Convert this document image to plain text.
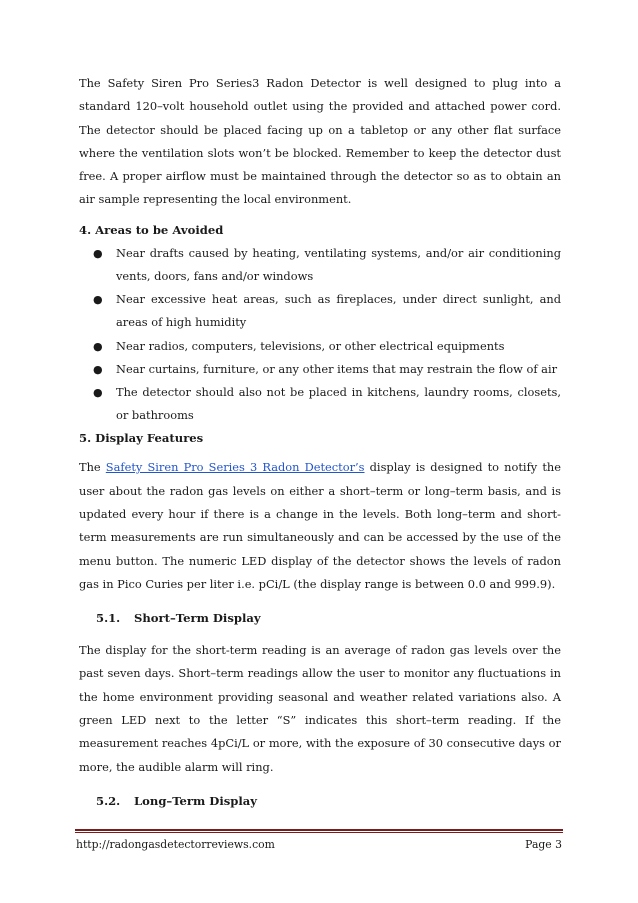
The Safety Siren Pro Series3 Radon Detector is well designed to plug into a standard 120–volt household outlet using the provided and attached power cord. The detector should be placed facing up on a tabletop or any other flat surface where the ventilation slots won’t be blocked. Remember to keep the detector dust free. A proper airflow must be maintained through the detector so as to obtain an air sample representing the local environment.

4. Areas to be Avoided
● Near drafts caused by heating, ventilating systems, and/or air conditioning vents, doors, fans and/or windows
● Near excessive heat areas, such as fireplaces, under direct sunlight, and areas of high humidity
● Near radios, computers, televisions, or other electrical equipments
● Near curtains, furniture, or any other items that may restrain the flow of air
● The detector should also not be placed in kitchens, laundry rooms, closets, or bathrooms
5. Display Features

The Safety Siren Pro Series 3 Radon Detector’s display is designed to notify the user about the radon gas levels on either a short–term or long–term basis, and is updated every hour if there is a change in the levels. Both long–term and short-term measurements are run simultaneously and can be accessed by the use of the menu button. The numeric LED display of the detector shows the levels of radon gas in Pico Curies per liter i.e. pCi/L (the display range is between 0.0 and 999.9).

5.1. Short–Term Display

The display for the short-term reading is an average of radon gas levels over the past seven days. Short–term readings allow the user to monitor any fluctuations in the home environment providing seasonal and weather related variations also. A green LED next to the letter “S” indicates this short–term reading. If the measurement reaches 4pCi/L or more, with the exposure of 30 consecutive days or more, the audible alarm will ring.

5.2. Long–Term Display
http://radongasdetectorreviews.com	Page 3
